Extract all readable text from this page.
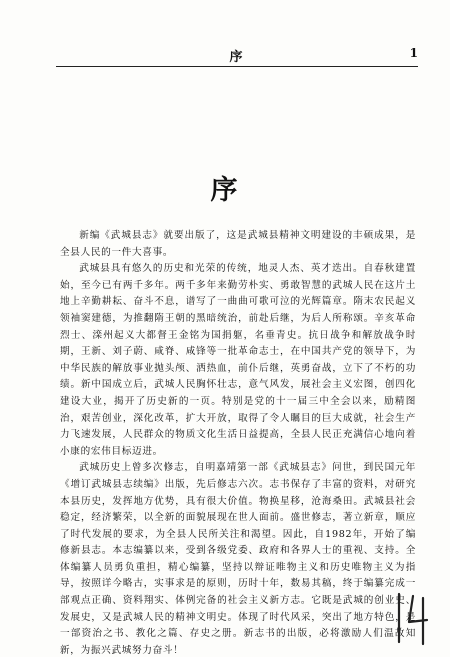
序	1
序

新编《武城县志》就要出版了，这是武城县精神文明建设的丰硕成果，是全县人民的一件大喜事。

武城县具有悠久的历史和光荣的传统，地灵人杰、英才迭出。自春秋建置始，至今已有两千多年。两千多年来勤劳朴实、勇敢智慧的武城人民在这片土地上辛勤耕耘、奋斗不息，谱写了一曲曲可歌可泣的光辉篇章。隋末农民起义领袖窦建德，为推翻隋王朝的黑暗统治，前赴后继，为后人所称颂。辛亥革命烈士、滦州起义大都督王金铭为国捐躯，名垂青史。抗日战争和解放战争时期，王新、刘子蔚、咸脊、咸锋等一批革命志士，在中国共产党的领导下，为中华民族的解放事业抛头颅、洒热血，前仆后继，英勇奋战，立下了不朽的功绩。新中国成立后，武城人民胸怀壮志，意气风发，展社会主义宏图，创四化建设大业，揭开了历史新的一页。特别是党的十一届三中全会以来，励精图治，艰苦创业，深化改革，扩大开放，取得了令人瞩目的巨大成就，社会生产力飞速发展，人民群众的物质文化生活日益提高，全县人民正充满信心地向着小康的宏伟目标迈进。

武城历史上曾多次修志，自明嘉靖第一部《武城县志》问世，到民国元年《增订武城县志续编》出版，先后修志六次。志书保存了丰富的资料，对研究本县历史，发挥地方优势，具有很大价值。物换星移，沧海桑田。武城县社会稳定，经济繁荣，以全新的面貌展现在世人面前。盛世修志，著立新章，顺应了时代发展的要求，为全县人民所关注和渴望。因此，自1982年，开始了编修新县志。本志编纂以来，受到各级党委、政府和各界人士的重视、支持。全体编纂人员勇负重担，精心编纂，坚持以辩证唯物主义和历史唯物主义为指导，按照详今略古，实事求是的原则，历时十年，数易其稿，终于编纂完成一部观点正确、资料翔实、体例完备的社会主义新方志。它既是武城的创业史、发展史，又是武城人民的精神文明史。体现了时代风采，突出了地方特色，是一部资治之书、教化之篇、存史之册。新志书的出版，必将激励人们温故知新，为振兴武城努力奋斗！
